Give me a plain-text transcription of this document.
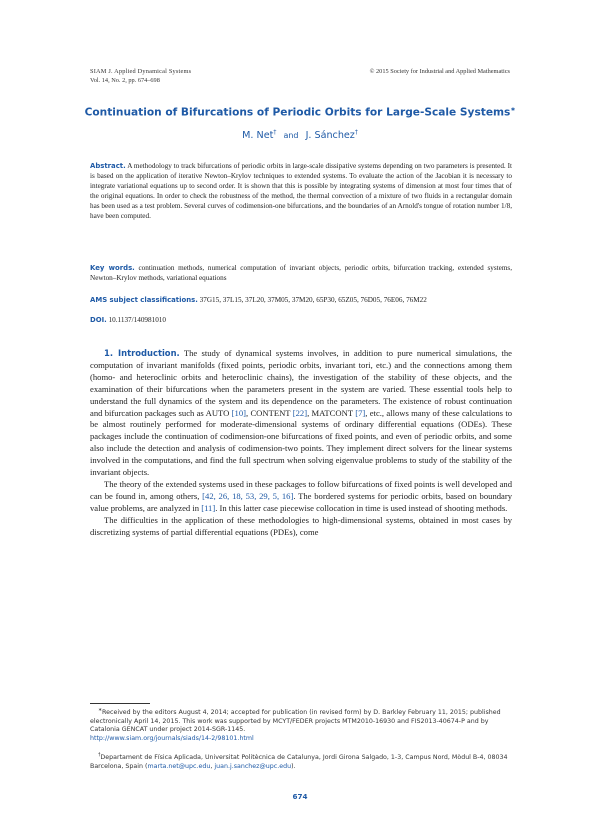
SIAM J. Applied Dynamical Systems
Vol. 14, No. 2, pp. 674–698
© 2015 Society for Industrial and Applied Mathematics
Continuation of Bifurcations of Periodic Orbits for Large-Scale Systems∗
M. Net† and J. Sánchez†
Abstract. A methodology to track bifurcations of periodic orbits in large-scale dissipative systems depending on two parameters is presented. It is based on the application of iterative Newton–Krylov techniques to extended systems. To evaluate the action of the Jacobian it is necessary to integrate variational equations up to second order. It is shown that this is possible by integrating systems of dimension at most four times that of the original equations. In order to check the robustness of the method, the thermal convection of a mixture of two fluids in a rectangular domain has been used as a test problem. Several curves of codimension-one bifurcations, and the boundaries of an Arnold's tongue of rotation number 1/8, have been computed.
Key words. continuation methods, numerical computation of invariant objects, periodic orbits, bifurcation tracking, extended systems, Newton–Krylov methods, variational equations
AMS subject classifications. 37G15, 37L15, 37L20, 37M05, 37M20, 65P30, 65Z05, 76D05, 76E06, 76M22
DOI. 10.1137/140981010

1. Introduction. The study of dynamical systems involves, in addition to pure numerical simulations, the computation of invariant manifolds (fixed points, periodic orbits, invariant tori, etc.) and the connections among them (homo- and heteroclinic orbits and heteroclinic chains), the investigation of the stability of these objects, and the examination of their bifurcations when the parameters present in the system are varied. These essential tools help to understand the full dynamics of the system and its dependence on the parameters. The existence of robust continuation and bifurcation packages such as AUTO [10], CONTENT [22], MATCONT [7], etc., allows many of these calculations to be almost routinely performed for moderate-dimensional systems of ordinary differential equations (ODEs). These packages include the continuation of codimension-one bifurcations of fixed points, and even of periodic orbits, and some also include the detection and analysis of codimension-two points. They implement direct solvers for the linear systems involved in the computations, and find the full spectrum when solving eigenvalue problems to study of the stability of the invariant objects.

The theory of the extended systems used in these packages to follow bifurcations of fixed points is well developed and can be found in, among others, [42, 26, 18, 53, 29, 5, 16]. The bordered systems for periodic orbits, based on boundary value problems, are analyzed in [11]. In this latter case piecewise collocation in time is used instead of shooting methods.

The difficulties in the application of these methodologies to high-dimensional systems, obtained in most cases by discretizing systems of partial differential equations (PDEs), come

∗Received by the editors August 4, 2014; accepted for publication (in revised form) by D. Barkley February 11, 2015; published electronically April 14, 2015. This work was supported by MCYT/FEDER projects MTM2010-16930 and FIS2013-40674-P and by Catalonia GENCAT under project 2014-SGR-1145.
http://www.siam.org/journals/siads/14-2/98101.html
†Departament de Física Aplicada, Universitat Politècnica de Catalunya, Jordi Girona Salgado, 1-3, Campus Nord, Mòdul B-4, 08034 Barcelona, Spain (marta.net@upc.edu, juan.j.sanchez@upc.edu).
674
